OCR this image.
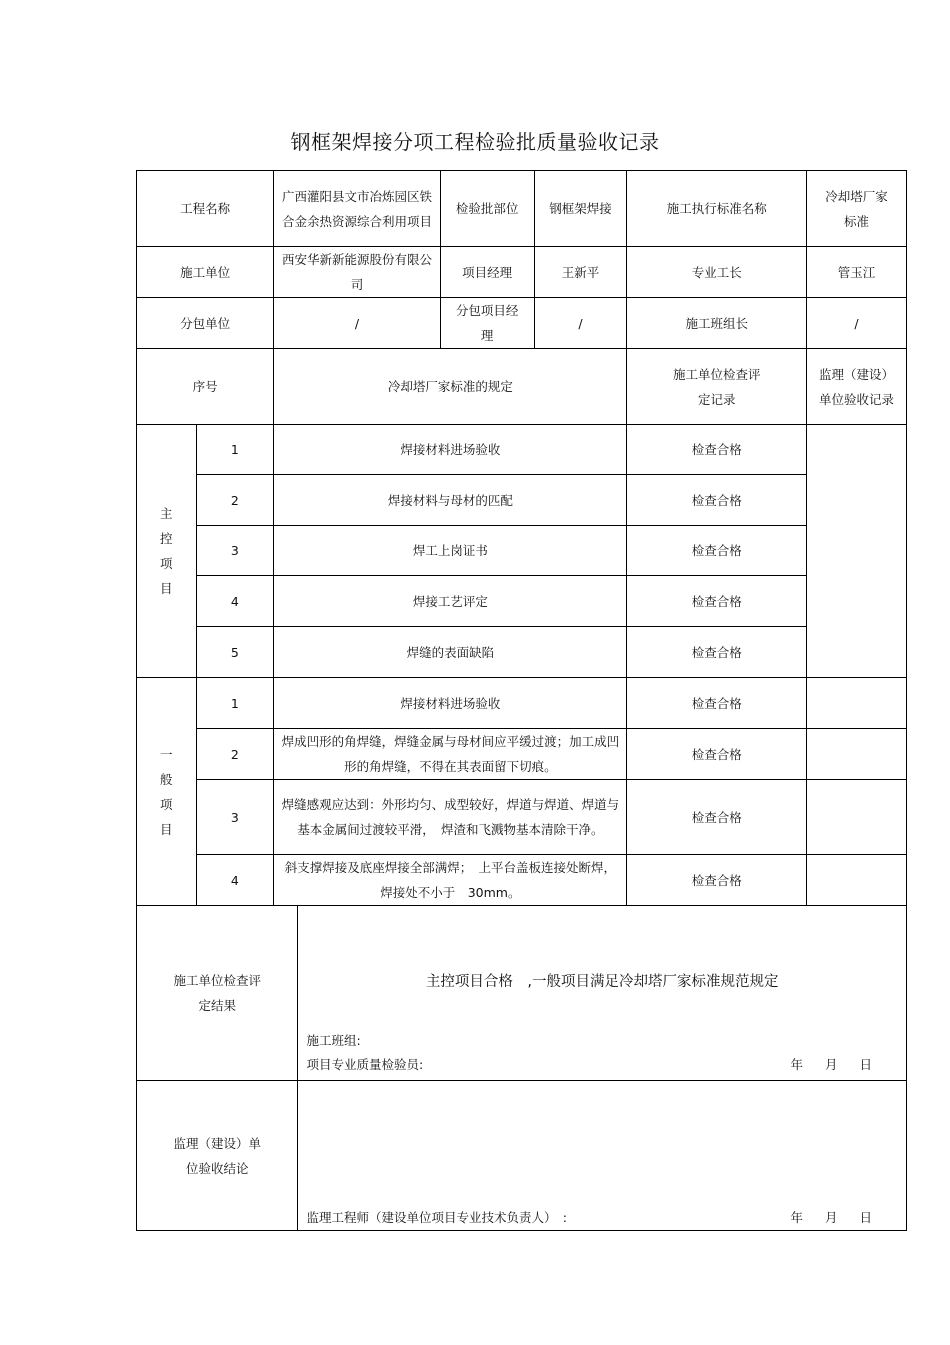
钢框架焊接分项工程检验批质量验收记录
工程名称		广西灌阳县文市冶炼园区铁合金余热资源综合利用项目		检验批部位	钢框架焊接	施工执行标准名称	冷却塔厂家标准
施工单位		西安华新新能源股份有限公司		项目经理	王新平	专业工长	管玉江
分包单位		/		分包项目经理	/	施工班组长	/
序号		冷却塔厂家标准的规定				施工单位检查评定记录	监理（建设）单位验收记录

主
控
项
目	1	焊接材料进场验收				检查合格	
	2	焊接材料与母材的匹配				检查合格	
	3	焊工上岗证书				检查合格	
	4	焊接工艺评定				检查合格	
	5	焊缝的表面缺陷				检查合格	

一
般
项
目	1	焊接材料进场验收				检查合格	
	2	焊成凹形的角焊缝，焊缝金属与母材间应平缓过渡；加工成凹形的角焊缝，不得在其表面留下切痕。				检查合格	
	3	焊缝感观应达到：外形均匀、成型较好，焊道与焊道、焊道与基本金属间过渡较平滑，　焊渣和飞溅物基本清除干净。				检查合格	
	4	斜支撑焊接及底座焊接全部满焊；　上平台盖板连接处断焊，焊接处不小于　30mm。				检查合格	
施工单位检查评定结果			主控项目合格　,一般项目满足冷却塔厂家标准规范规定
施工班组:
项目专业质量检验员: 年 月 日				

监理（建设）单位验收结论			监理工程师（建设单位项目专业技术负责人）　: 年 月 日				
